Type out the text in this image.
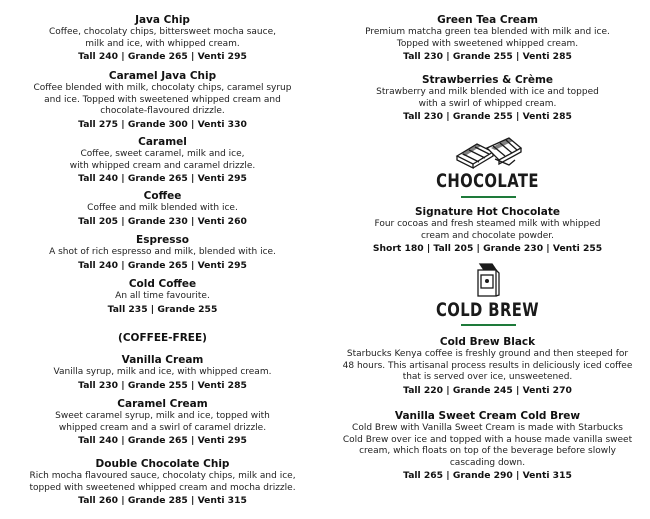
Java Chip
Coffee, chocolaty chips, bittersweet mocha sauce,
milk and ice, with whipped cream.
Tall 240 | Grande 265 | Venti 295
Caramel Java Chip
Coffee blended with milk, chocolaty chips, caramel syrup
and ice. Topped with sweetened whipped cream and
chocolate-flavoured drizzle.
Tall 275 | Grande 300 | Venti 330
Caramel
Coffee, sweet caramel, milk and ice,
with whipped cream and caramel drizzle.
Tall 240 | Grande 265 | Venti 295
Coffee
Coffee and milk blended with ice.
Tall 205 | Grande 230 | Venti 260
Espresso
A shot of rich espresso and milk, blended with ice.
Tall 240 | Grande 265 | Venti 295
Cold Coffee
An all time favourite.
Tall 235 | Grande 255
(COFFEE-FREE)
Vanilla Cream
Vanilla syrup, milk and ice, with whipped cream.
Tall 230 | Grande 255 | Venti 285
Caramel Cream
Sweet caramel syrup, milk and ice, topped with
whipped cream and a swirl of caramel drizzle.
Tall 240 | Grande 265 | Venti 295
Double Chocolate Chip
Rich mocha flavoured sauce, chocolaty chips, milk and ice,
topped with sweetened whipped cream and mocha drizzle.
Tall 260 | Grande 285 | Venti 315
Green Tea Cream
Premium matcha green tea blended with milk and ice.
Topped with sweetened whipped cream.
Tall 230 | Grande 255 | Venti 285
Strawberries & Crème
Strawberry and milk blended with ice and topped
with a swirl of whipped cream.
Tall 230 | Grande 255 | Venti 285
CHOCOLATE
Signature Hot Chocolate
Four cocoas and fresh steamed milk with whipped
cream and chocolate powder.
Short 180 | Tall 205 | Grande 230 | Venti 255
COLD BREW
Cold Brew Black
Starbucks Kenya coffee is freshly ground and then steeped for
48 hours. This artisanal process results in deliciously iced coffee
that is served over ice, unsweetened.
Tall 220 | Grande 245 | Venti 270
Vanilla Sweet Cream Cold Brew
Cold Brew with Vanilla Sweet Cream is made with Starbucks
Cold Brew over ice and topped with a house made vanilla sweet
cream, which floats on top of the beverage before slowly
cascading down.
Tall 265 | Grande 290 | Venti 315
